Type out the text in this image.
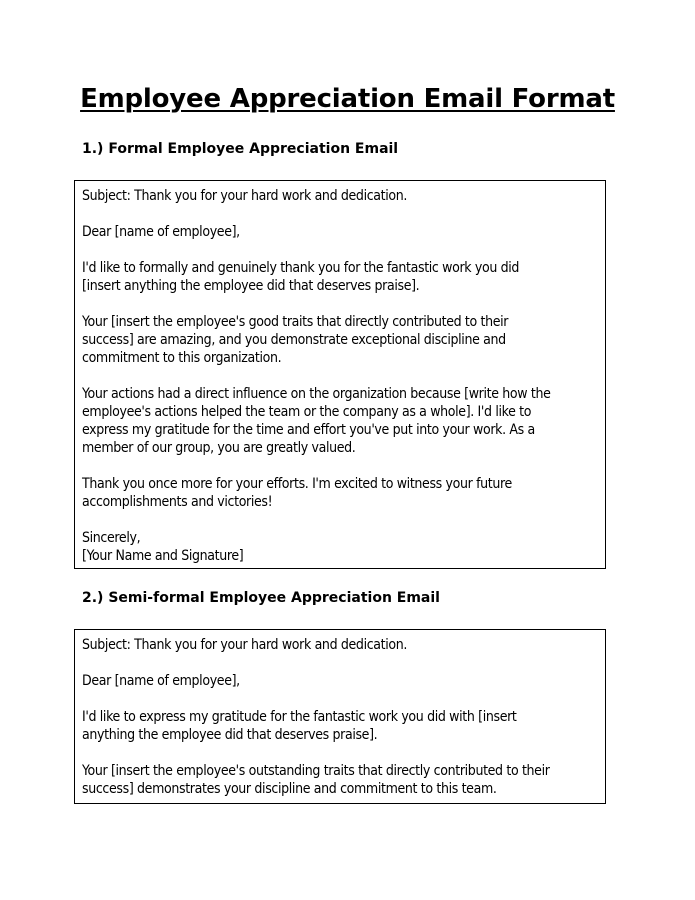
Employee Appreciation Email Format
1.) Formal Employee Appreciation Email

Subject: Thank you for your hard work and dedication.

Dear [name of employee],

I'd like to formally and genuinely thank you for the fantastic work you did
[insert anything the employee did that deserves praise].

Your [insert the employee's good traits that directly contributed to their
success] are amazing, and you demonstrate exceptional discipline and
commitment to this organization.

Your actions had a direct influence on the organization because [write how the
employee's actions helped the team or the company as a whole]. I'd like to
express my gratitude for the time and effort you've put into your work. As a
member of our group, you are greatly valued.

Thank you once more for your efforts. I'm excited to witness your future
accomplishments and victories!

Sincerely,
[Your Name and Signature]

2.) Semi-formal Employee Appreciation Email

Subject: Thank you for your hard work and dedication.

Dear [name of employee],

I'd like to express my gratitude for the fantastic work you did with [insert
anything the employee did that deserves praise].

Your [insert the employee's outstanding traits that directly contributed to their
success] demonstrates your discipline and commitment to this team.
